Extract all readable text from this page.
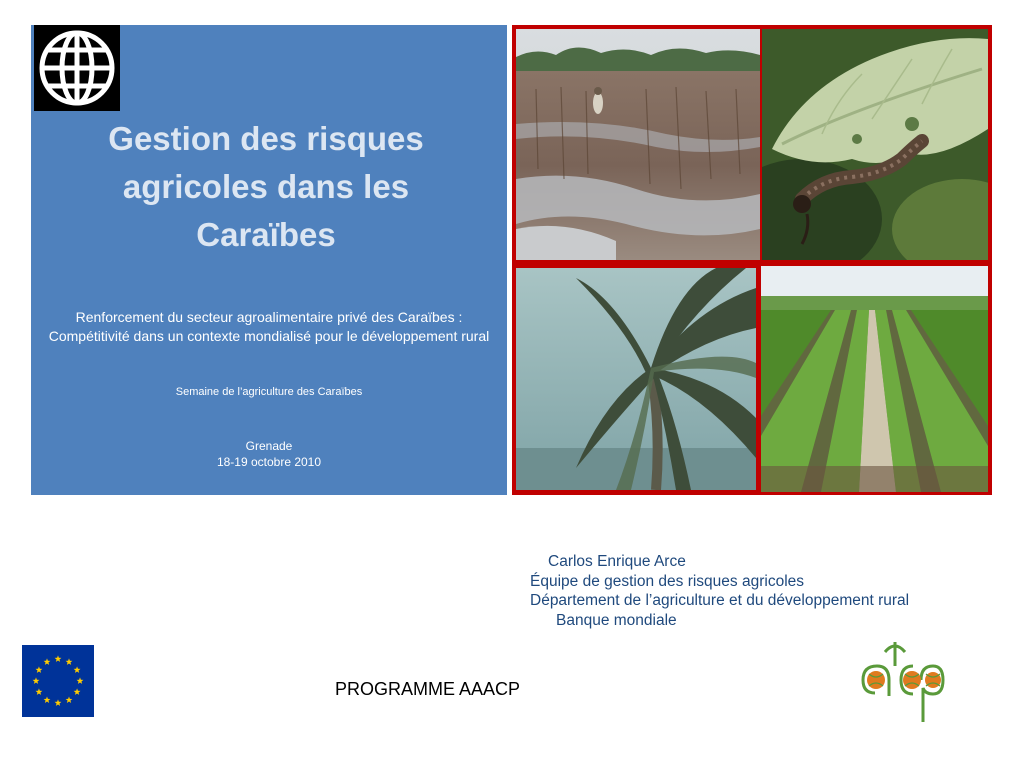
Gestion des risques
agricoles dans les
Caraïbes
Renforcement du secteur agroalimentaire privé des Caraïbes : Compétitivité dans un contexte mondialisé pour le développement rural
Semaine de l’agriculture des Caraïbes
Grenade
18-19 octobre 2010
Carlos Enrique Arce
Équipe de gestion des risques agricoles
Département de l’agriculture et du développement rural
Banque mondiale
PROGRAMME AAACP
